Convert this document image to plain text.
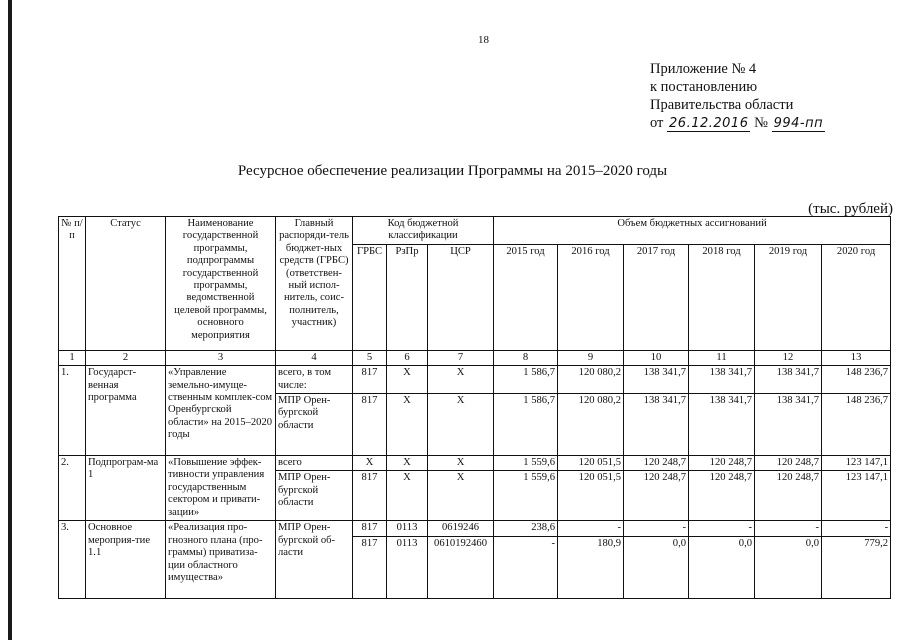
18
Приложение № 4
к постановлению
Правительства области
от 26.12.2016 № 994-пп
Ресурсное обеспечение реализации Программы на 2015–2020 годы
(тыс. рублей)
№ п/п	Статус	Наименование государственной программы, подпрограммы государственной программы, ведомственной целевой программы, основного мероприятия	Главный распоряди-тель бюджет-ных средств (ГРБС) (ответствен-ный испол-нитель, соис-полнитель, участник)	Код бюджетной классификации			Объем бюджетных ассигнований					
				ГРБС	РзПр	ЦСР	2015 год	2016 год	2017 год	2018 год	2019 год	2020 год
1	2	3	4	5	6	7	8	9	10	11	12	13
1.	Государст-венная программа	«Управление земельно-имуще-ственным комплек-сом Оренбургской области» на 2015–2020 годы	всего, в том числе:	817	Х	Х	1 586,7	120 080,2	138 341,7	138 341,7	138 341,7	148 236,7
			МПР Орен-бургской области	817	Х	Х	1 586,7	120 080,2	138 341,7	138 341,7	138 341,7	148 236,7
2.	Подпрограм-ма 1	«Повышение эффек-тивности управления государственным сектором и привати-зации»	всего	Х	Х	Х	1 559,6	120 051,5	120 248,7	120 248,7	120 248,7	123 147,1
			МПР Орен-бургской области	817	Х	Х	1 559,6	120 051,5	120 248,7	120 248,7	120 248,7	123 147,1
3.	Основное мероприя-тие 1.1	«Реализация про-гнозного плана (про-граммы) приватиза-ции областного имущества»	МПР Орен-бургской об-ласти	817	0113	0619246	238,6	-	-	-	-	-
				817	0113	0610192460	-	180,9	0,0	0,0	0,0	779,2
